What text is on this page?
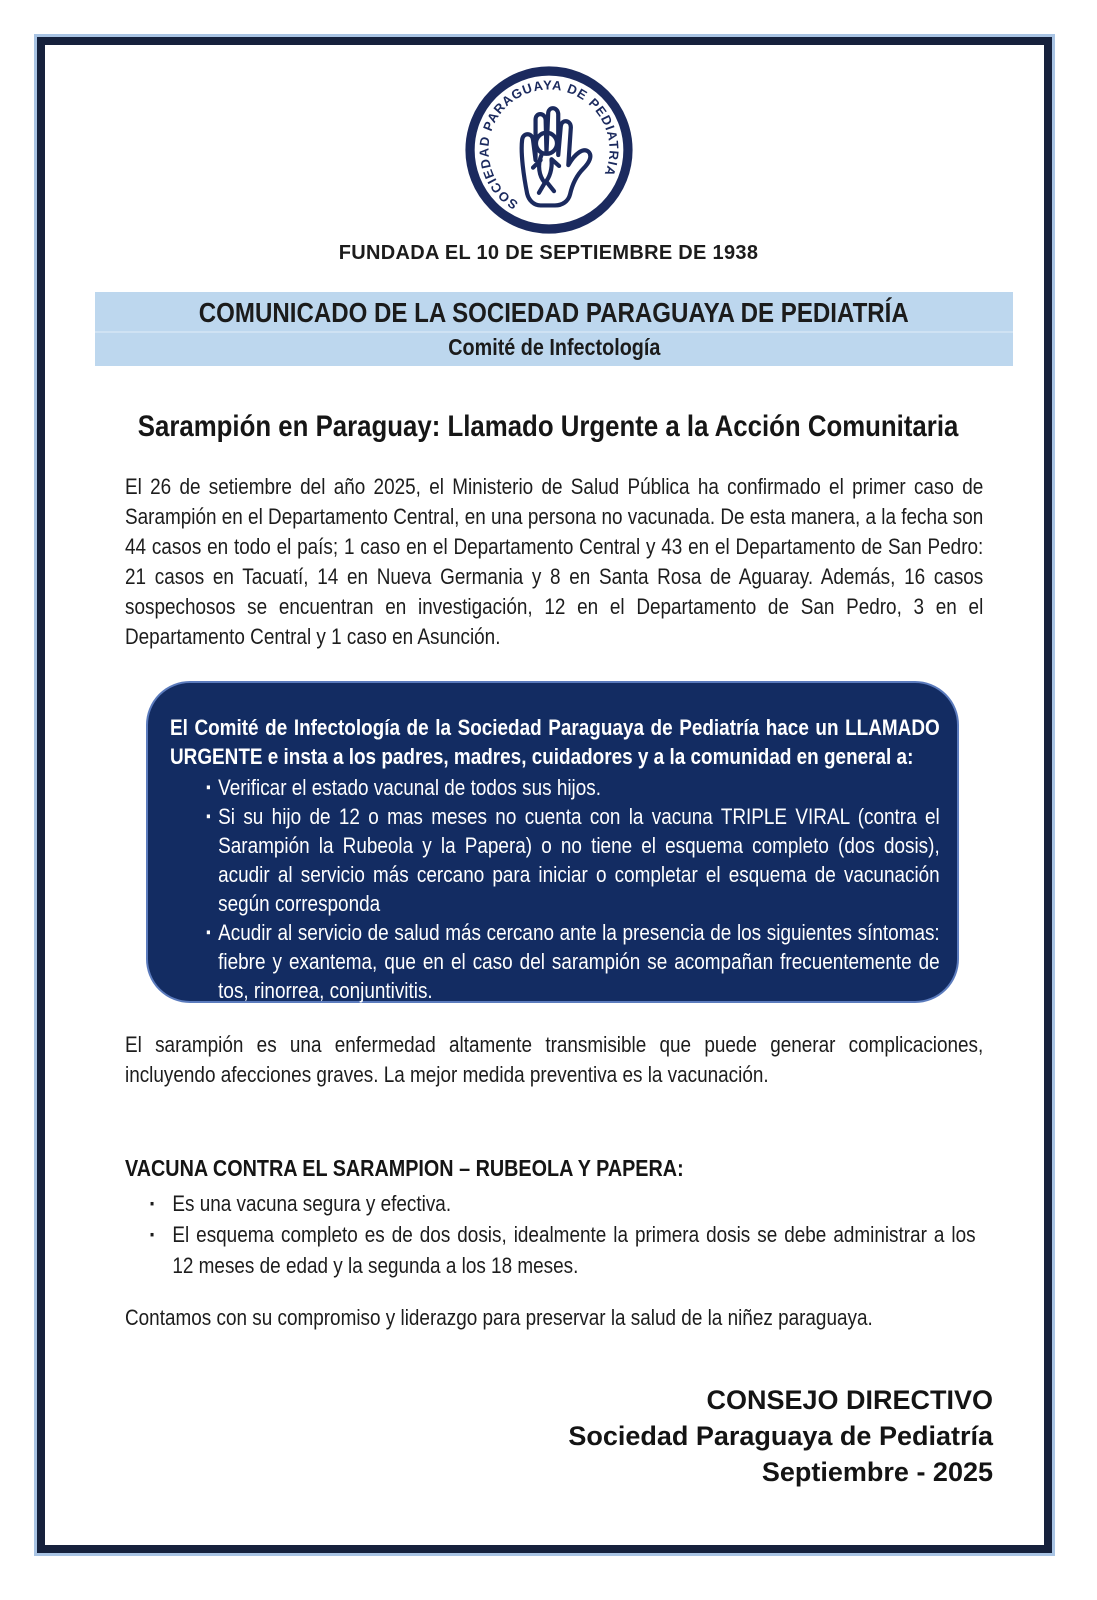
SOCIEDAD PARAGUAYA DE PEDIATRIA
FUNDADA EL 10 DE SEPTIEMBRE DE 1938
COMUNICADO DE LA SOCIEDAD PARAGUAYA DE PEDIATRÍA
Comité de Infectología
Sarampión en Paraguay: Llamado Urgente a la Acción Comunitaria
El 26 de setiembre del año 2025, el Ministerio de Salud Pública ha confirmado el primer caso de Sarampión en el Departamento Central, en una persona no vacunada. De esta manera, a la fecha son 44 casos en todo el país; 1 caso en el Departamento Central y 43 en el Departamento de San Pedro: 21 casos en Tacuatí, 14 en Nueva Germania y 8 en Santa Rosa de Aguaray. Además, 16 casos sospechosos se encuentran en investigación, 12 en el Departamento de San Pedro, 3 en el Departamento Central y 1 caso en Asunción.
El Comité de Infectología de la Sociedad Paraguaya de Pediatría hace un LLAMADO URGENTE e insta a los padres, madres, cuidadores y a la comunidad en general a:
▪ Verificar el estado vacunal de todos sus hijos.
▪ Si su hijo de 12 o mas meses no cuenta con la vacuna TRIPLE VIRAL (contra el Sarampión la Rubeola y la Papera) o no tiene el esquema completo (dos dosis), acudir al servicio más cercano para iniciar o completar el esquema de vacunación según corresponda
▪ Acudir al servicio de salud más cercano ante la presencia de los siguientes síntomas: fiebre y exantema, que en el caso del sarampión se acompañan frecuentemente de tos, rinorrea, conjuntivitis.
El sarampión es una enfermedad altamente transmisible que puede generar complicaciones, incluyendo afecciones graves. La mejor medida preventiva es la vacunación.
VACUNA CONTRA EL SARAMPION – RUBEOLA Y PAPERA:
▪ Es una vacuna segura y efectiva.
▪ El esquema completo es de dos dosis, idealmente la primera dosis se debe administrar a los 12 meses de edad y la segunda a los 18 meses.
Contamos con su compromiso y liderazgo para preservar la salud de la niñez paraguaya.
CONSEJO DIRECTIVO
Sociedad Paraguaya de Pediatría
Septiembre - 2025
